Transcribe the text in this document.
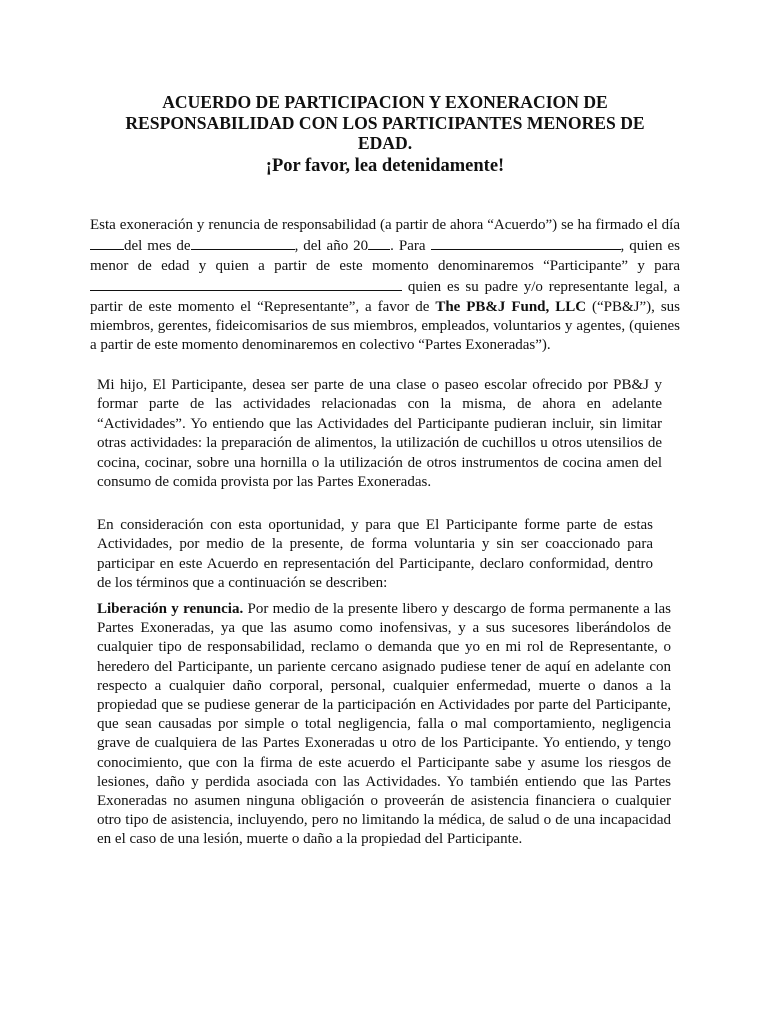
ACUERDO DE PARTICIPACION Y EXONERACION DE
RESPONSABILIDAD CON LOS PARTICIPANTES MENORES DE
EDAD.
¡Por favor, lea detenidamente!

Esta exoneración y renuncia de responsabilidad (a partir de ahora “Acuerdo”) se ha firmado el día del mes de	, del año 20 . Para	, quien es menor de edad y quien a partir de este momento denominaremos “Participante” y para  quien es su padre y/o representante legal, a partir de este momento el “Representante”, a favor de The PB&J Fund, LLC (“PB&J”), sus miembros, gerentes, fideicomisarios de sus miembros, empleados, voluntarios y agentes, (quienes a partir de este momento denominaremos en colectivo “Partes Exoneradas”).

Mi hijo, El Participante, desea ser parte de una clase o paseo escolar ofrecido por PB&J y formar parte de las actividades relacionadas con la misma, de ahora en adelante “Actividades”. Yo entiendo que las Actividades del Participante pudieran incluir, sin limitar otras actividades: la preparación de alimentos, la utilización de cuchillos u otros utensilios de cocina, cocinar, sobre una hornilla o la utilización de otros instrumentos de cocina amen del consumo de comida provista por las Partes Exoneradas.

En consideración con esta oportunidad, y para que El Participante forme parte de estas Actividades, por medio de la presente, de forma voluntaria y sin ser coaccionado para participar en este Acuerdo en representación del Participante, declaro conformidad, dentro de los términos que a continuación se describen:

Liberación y renuncia. Por medio de la presente libero y descargo de forma permanente a las Partes Exoneradas, ya que las asumo como inofensivas, y a sus sucesores liberándolos de cualquier tipo de responsabilidad, reclamo o demanda que yo en mi rol de Representante, o heredero del Participante, un pariente cercano asignado pudiese tener de aquí en adelante con respecto a cualquier daño corporal, personal, cualquier enfermedad, muerte o danos a la propiedad que se pudiese generar de la participación en Actividades por parte del Participante, que sean causadas por simple o total negligencia, falla o mal comportamiento, negligencia grave de cualquiera de las Partes Exoneradas u otro de los Participante. Yo entiendo, y tengo conocimiento, que con la firma de este acuerdo el Participante sabe y asume los riesgos de lesiones, daño y perdida asociada con las Actividades. Yo también entiendo que las Partes Exoneradas no asumen ninguna obligación o proveerán de asistencia financiera o cualquier otro tipo de asistencia, incluyendo, pero no limitando la médica, de salud o de una incapacidad en el caso de una lesión, muerte o daño a la propiedad del Participante.
